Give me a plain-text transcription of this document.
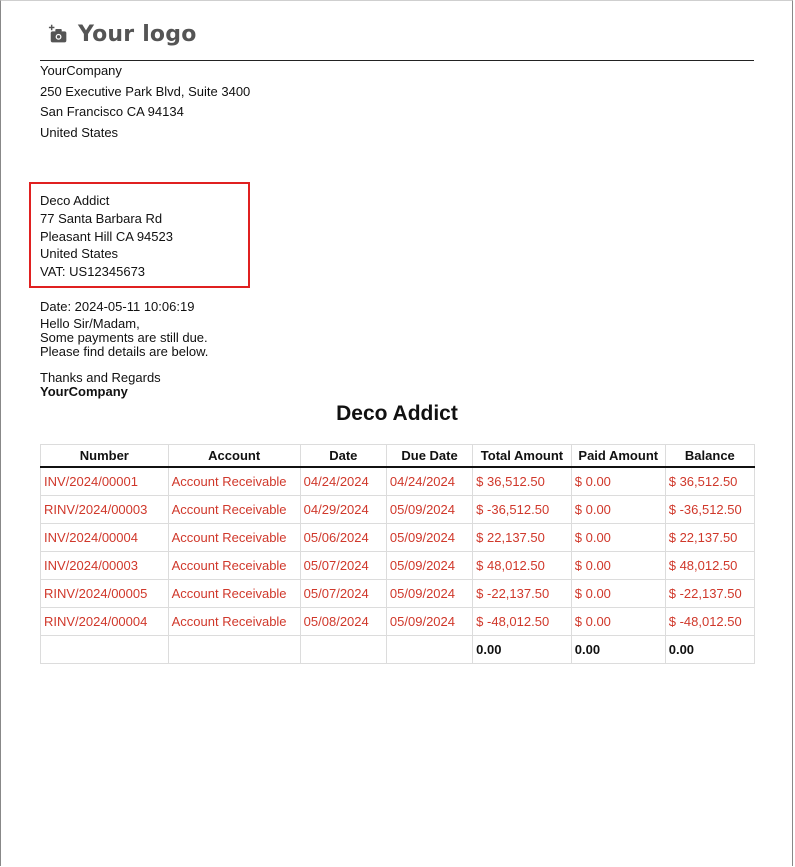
Your logo
YourCompany
250 Executive Park Blvd, Suite 3400
San Francisco CA 94134
United States
Deco Addict
77 Santa Barbara Rd
Pleasant Hill CA 94523
United States
VAT: US12345673
Date: 2024-05-11 10:06:19
Hello Sir/Madam,
Some payments are still due.
Please find details are below.
Thanks and Regards
YourCompany
Deco Addict
Number	Account	Date	Due Date	Total Amount	Paid Amount	Balance
INV/2024/00001	Account Receivable	04/24/2024	04/24/2024	$ 36,512.50	$ 0.00	$ 36,512.50
RINV/2024/00003	Account Receivable	04/29/2024	05/09/2024	$ -36,512.50	$ 0.00	$ -36,512.50
INV/2024/00004	Account Receivable	05/06/2024	05/09/2024	$ 22,137.50	$ 0.00	$ 22,137.50
INV/2024/00003	Account Receivable	05/07/2024	05/09/2024	$ 48,012.50	$ 0.00	$ 48,012.50
RINV/2024/00005	Account Receivable	05/07/2024	05/09/2024	$ -22,137.50	$ 0.00	$ -22,137.50
RINV/2024/00004	Account Receivable	05/08/2024	05/09/2024	$ -48,012.50	$ 0.00	$ -48,012.50
				0.00	0.00	0.00
